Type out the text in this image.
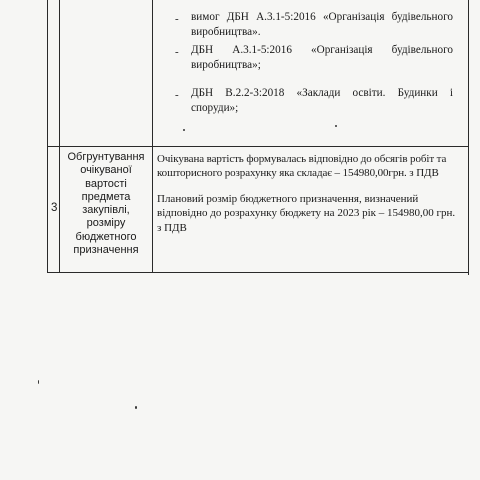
- вимог ДБН А.3.1-5:2016 «Організація будівельного виробництва».
- ДБН А.3.1-5:2016 «Організація будівельного виробництва»;
- ДБН В.2.2-3:2018 «Заклади освіти. Будинки і споруди»;
3
Обгрунтування очікуваної вартості предмета закупівлі, розміру бюджетного призначення
Очікувана вартість формувалась відповідно до обсягів робіт та кошторисного розрахунку яка складає – 154980,00грн. з ПДВ
Плановий розмір бюджетного призначення, визначений відповідно до розрахунку бюджету на 2023 рік – 154980,00 грн. з ПДВ
